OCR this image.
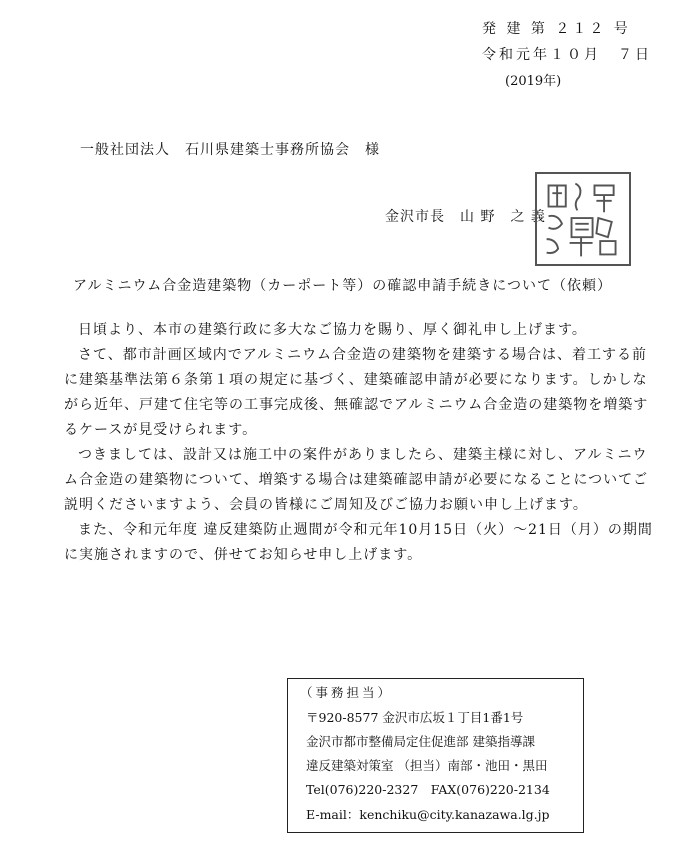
発 建 第 ２１２ 号
令和元年１０月　７日
(2019年)
一般社団法人　石川県建築士事務所協会　様
金沢市長　山 野　之 義
アルミニウム合金造建築物（カーポート等）の確認申請手続きについて（依頼）

日頃より、本市の建築行政に多大なご協力を賜り、厚く御礼申し上げます。

さて、都市計画区域内でアルミニウム合金造の建築物を建築する場合は、着工する前に建築基準法第６条第１項の規定に基づく、建築確認申請が必要になります。しかしながら近年、戸建て住宅等の工事完成後、無確認でアルミニウム合金造の建築物を増築するケースが見受けられます。

つきましては、設計又は施工中の案件がありましたら、建築主様に対し、アルミニウム合金造の建築物について、増築する場合は建築確認申請が必要になることについてご説明くださいますよう、会員の皆様にご周知及びご協力お願い申し上げます。

また、令和元年度 違反建築防止週間が令和元年10月15日（火）〜21日（月）の期間に実施されますので、併せてお知らせ申し上げます。

（事務担当）
〒920-8577 金沢市広坂１丁目1番1号
金沢市都市整備局定住促進部 建築指導課
違反建築対策室 （担当）南部・池田・黒田
Tel(076)220-2327　FAX(076)220-2134
E-mail：kenchiku@city.kanazawa.lg.jp
